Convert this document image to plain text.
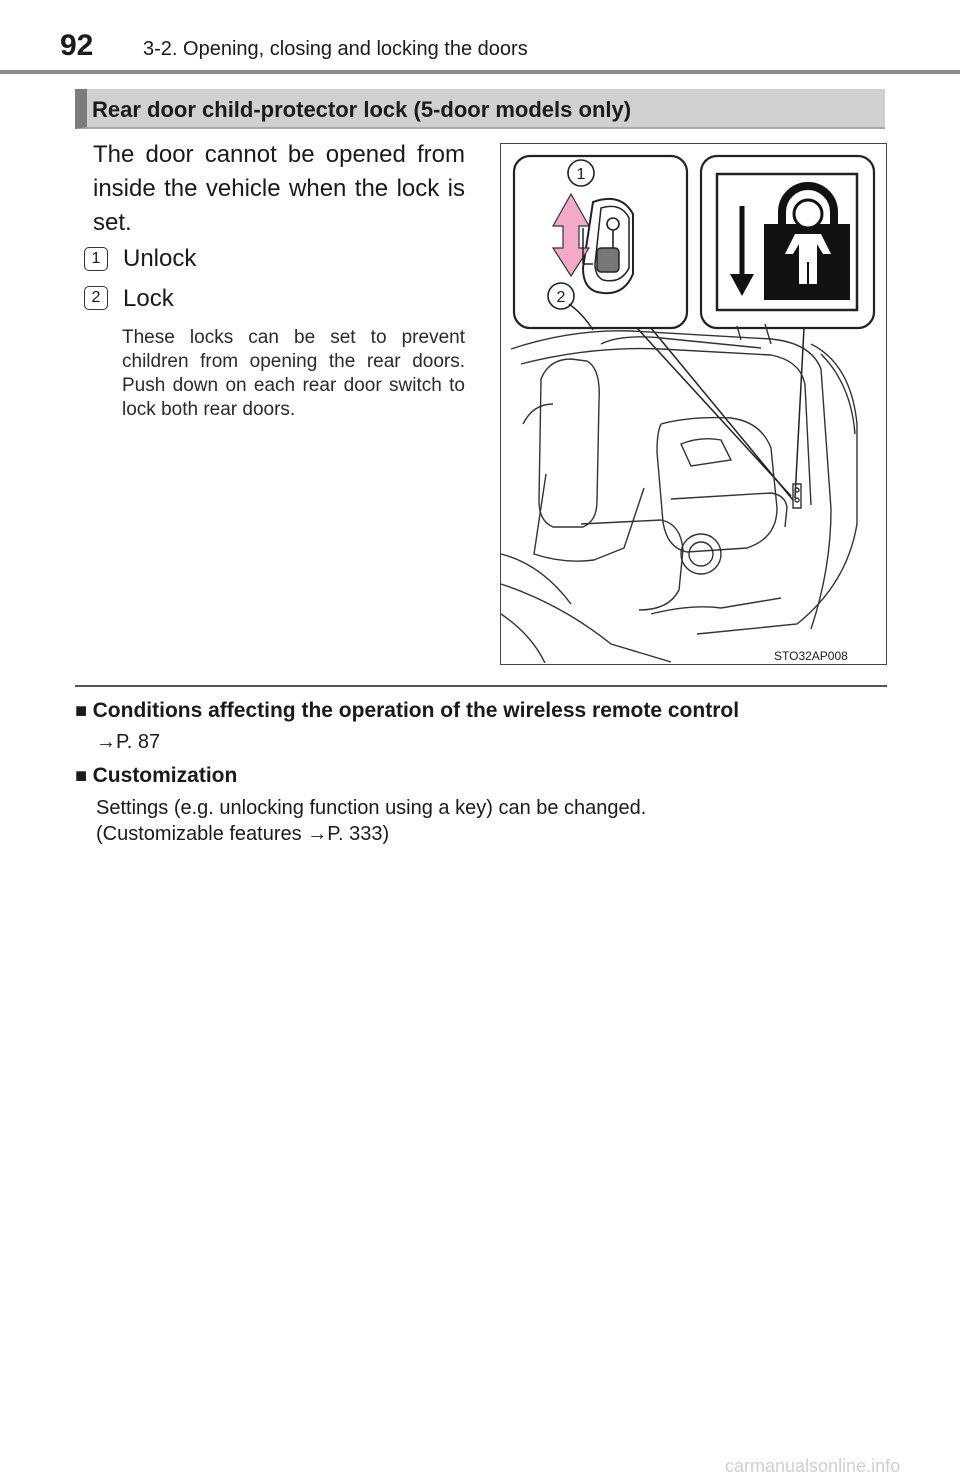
92 3-2. Opening, closing and locking the doors
Rear door child-protector lock (5-door models only)
The door cannot be opened from inside the vehicle when the lock is set.
1 Unlock
2 Lock
These locks can be set to prevent children from opening the rear doors. Push down on each rear door switch to lock both rear doors.
1
2
STO32AP008
■ Conditions affecting the operation of the wireless remote control
→P. 87
■ Customization
Settings (e.g. unlocking function using a key) can be changed.
(Customizable features →P. 333)
carmanualsonline.info
